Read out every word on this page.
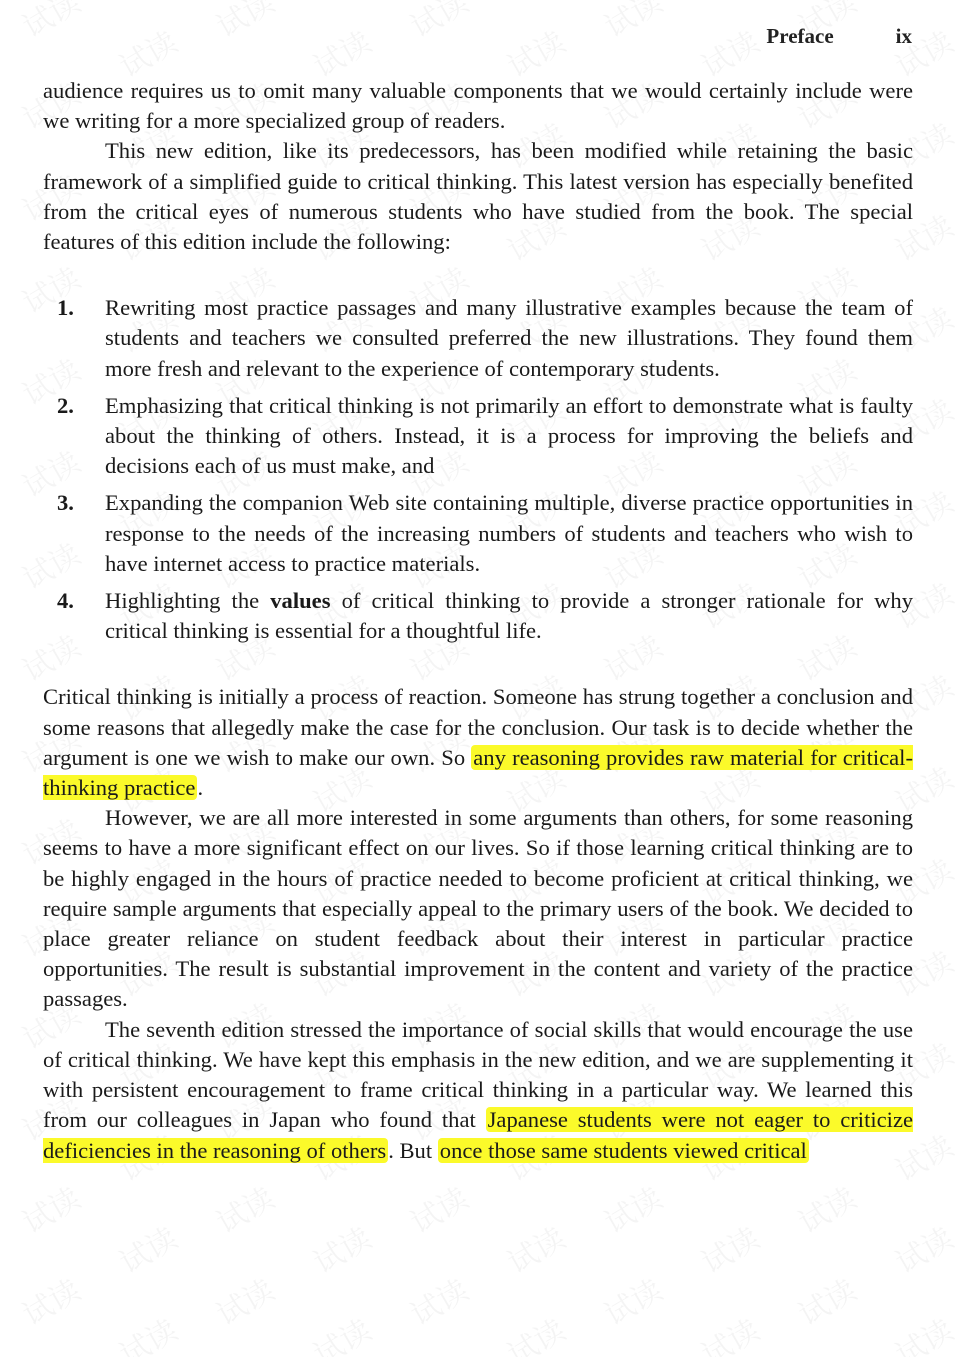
Preface	ix

audience requires us to omit many valuable components that we would certainly include were we writing for a more specialized group of readers.

This new edition, like its predecessors, has been modified while retaining the basic framework of a simplified guide to critical thinking. This latest version has especially benefited from the critical eyes of numerous students who have studied from the book. The special features of this edition include the following:

1.	Rewriting most practice passages and many illustrative examples because the team of students and teachers we consulted preferred the new illustrations. They found them more fresh and relevant to the experience of contemporary students.
2.	Emphasizing that critical thinking is not primarily an effort to demonstrate what is faulty about the thinking of others. Instead, it is a process for improving the beliefs and decisions each of us must make, and
3.	Expanding the companion Web site containing multiple, diverse practice opportunities in response to the needs of the increasing numbers of students and teachers who wish to have internet access to practice materials.
4.	Highlighting the values of critical thinking to provide a stronger rationale for why critical thinking is essential for a thoughtful life.

Critical thinking is initially a process of reaction. Someone has strung together a conclusion and some reasons that allegedly make the case for the conclusion. Our task is to decide whether the argument is one we wish to make our own. So any reasoning provides raw material for critical-thinking practice.

However, we are all more interested in some arguments than others, for some reasoning seems to have a more significant effect on our lives. So if those learning critical thinking are to be highly engaged in the hours of practice needed to become proficient at critical thinking, we require sample arguments that especially appeal to the primary users of the book. We decided to place greater reliance on student feedback about their interest in particular practice opportunities. The result is substantial improvement in the content and variety of the practice passages.

The seventh edition stressed the importance of social skills that would encourage the use of critical thinking. We have kept this emphasis in the new edition, and we are supplementing it with persistent encouragement to frame critical thinking in a particular way. We learned this from our colleagues in Japan who found that Japanese students were not eager to criticize deficiencies in the reasoning of others. But once those same students viewed critical
